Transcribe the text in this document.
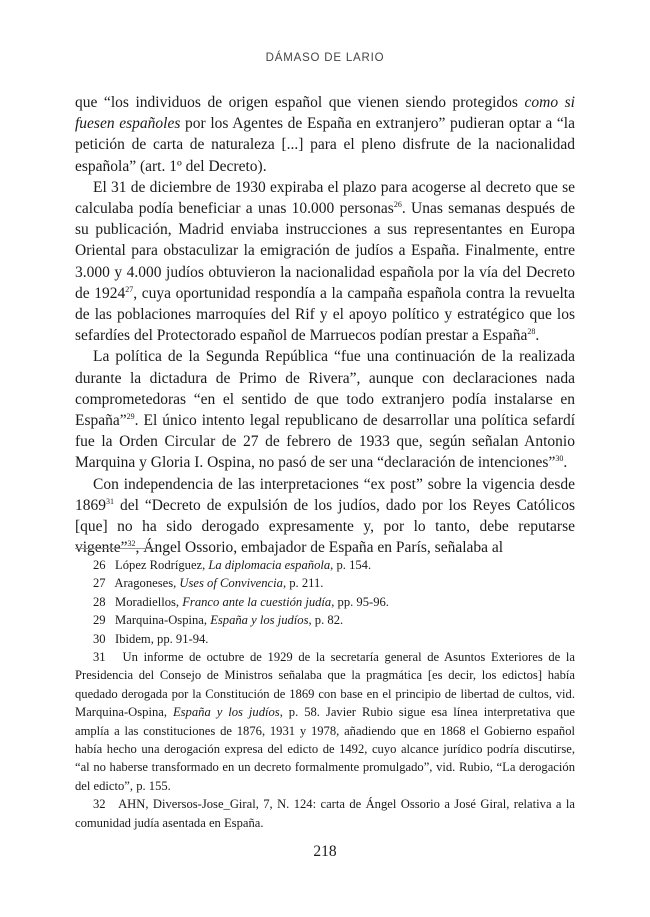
DÁMASO DE LARIO

que “los individuos de origen español que vienen siendo protegidos como si fuesen españoles por los Agentes de España en extranjero” pudieran optar a “la petición de carta de naturaleza [...] para el pleno disfrute de la nacionalidad española” (art. 1º del Decreto).

El 31 de diciembre de 1930 expiraba el plazo para acogerse al decreto que se calculaba podía beneficiar a unas 10.000 personas$^{26}$. Unas semanas después de su publicación, Madrid enviaba instrucciones a sus representantes en Europa Oriental para obstaculizar la emigración de judíos a España. Finalmente, entre 3.000 y 4.000 judíos obtuvieron la nacionalidad española por la vía del Decreto de 1924$^{27}$, cuya oportunidad respondía a la campaña española contra la revuelta de las poblaciones marroquíes del Rif y el apoyo político y estratégico que los sefardíes del Protectorado español de Marruecos podían prestar a España$^{28}$.

La política de la Segunda República “fue una continuación de la realizada durante la dictadura de Primo de Rivera”, aunque con declaraciones nada comprometedoras “en el sentido de que todo extranjero podía instalarse en España”$^{29}$. El único intento legal republicano de desarrollar una política sefardí fue la Orden Circular de 27 de febrero de 1933 que, según señalan Antonio Marquina y Gloria I. Ospina, no pasó de ser una “declaración de intenciones”$^{30}$.

Con independencia de las interpretaciones “ex post” sobre la vigencia desde 1869$^{31}$ del “Decreto de expulsión de los judíos, dado por los Reyes Católicos [que] no ha sido derogado expresamente y, por lo tanto, debe reputarse vigente”$^{32}$, Ángel Ossorio, embajador de España en París, señalaba al

26 López Rodríguez, La diplomacia española, p. 154.

27 Aragoneses, Uses of Convivencia, p. 211.

28 Moradiellos, Franco ante la cuestión judía, pp. 95-96.

29 Marquina-Ospina, España y los judíos, p. 82.

30 Ibidem, pp. 91-94.

31 Un informe de octubre de 1929 de la secretaría general de Asuntos Exteriores de la Presidencia del Consejo de Ministros señalaba que la pragmática [es decir, los edictos] había quedado derogada por la Constitución de 1869 con base en el principio de libertad de cultos, vid. Marquina-Ospina, España y los judíos, p. 58. Javier Rubio sigue esa línea interpretativa que amplía a las constituciones de 1876, 1931 y 1978, añadiendo que en 1868 el Gobierno español había hecho una derogación expresa del edicto de 1492, cuyo alcance jurídico podría discutirse, “al no haberse transformado en un decreto formalmente promulgado”, vid. Rubio, “La derogación del edicto”, p. 155.

32 AHN, Diversos-Jose_Giral, 7, N. 124: carta de Ángel Ossorio a José Giral, relativa a la comunidad judía asentada en España.

218
